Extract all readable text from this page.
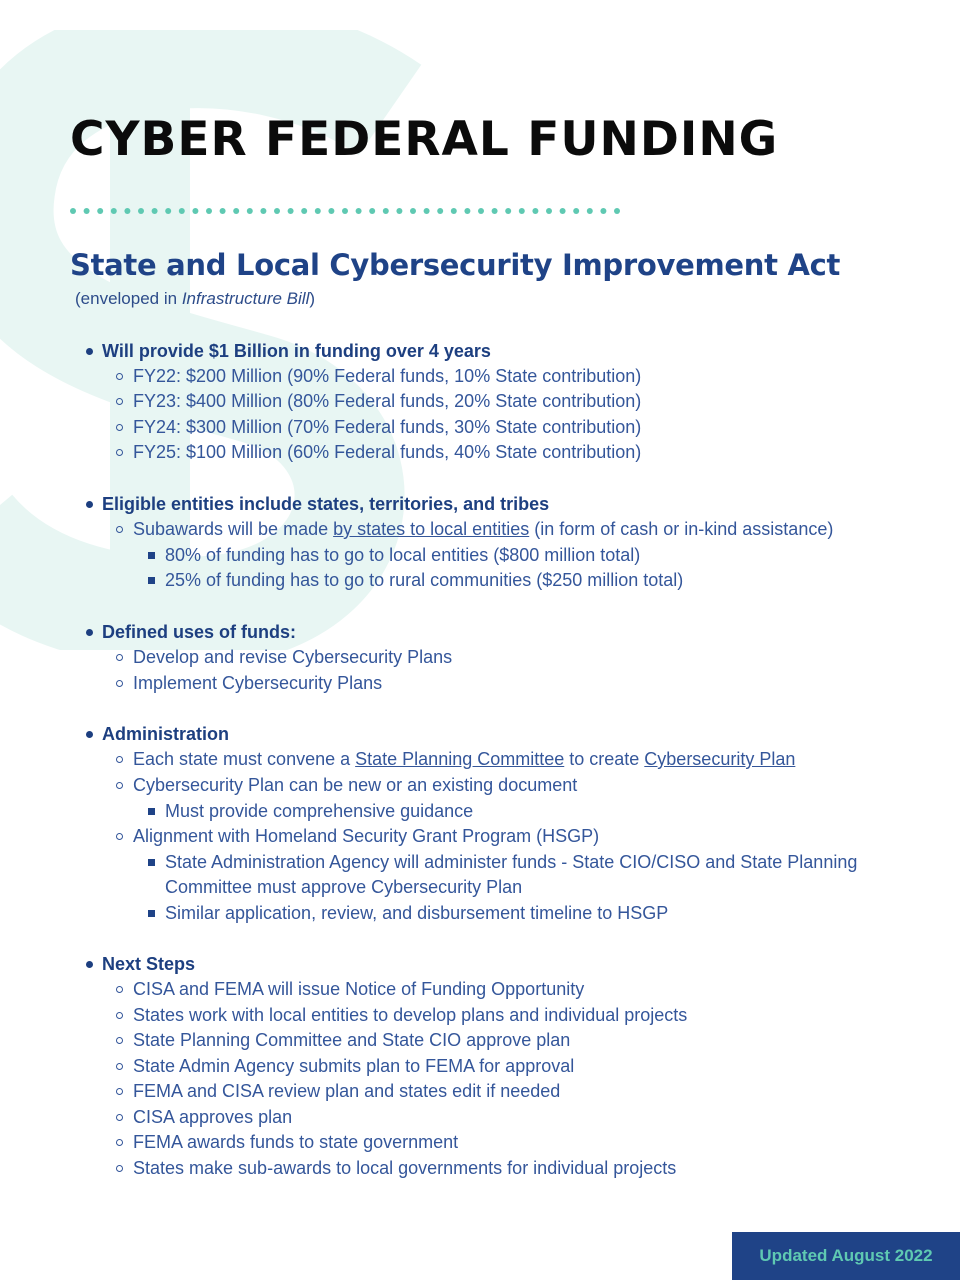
CYBER FEDERAL FUNDING
State and Local Cybersecurity Improvement Act
(enveloped in Infrastructure Bill)
Will provide $1 Billion in funding over 4 years
FY22: $200 Million (90% Federal funds, 10% State contribution)
FY23: $400 Million (80% Federal funds, 20% State contribution)
FY24: $300 Million (70% Federal funds, 30% State contribution)
FY25: $100 Million (60% Federal funds, 40% State contribution)
Eligible entities include states, territories, and tribes
Subawards will be made by states to local entities (in form of cash or in-kind assistance)
80% of funding has to go to local entities ($800 million total)
25% of funding has to go to rural communities ($250 million total)
Defined uses of funds:
Develop and revise Cybersecurity Plans
Implement Cybersecurity Plans
Administration
Each state must convene a State Planning Committee to create Cybersecurity Plan
Cybersecurity Plan can be new or an existing document
Must provide comprehensive guidance
Alignment with Homeland Security Grant Program (HSGP)
State Administration Agency will administer funds - State CIO/CISO and State Planning
Committee must approve Cybersecurity Plan
Similar application, review, and disbursement timeline to HSGP
Next Steps
CISA and FEMA will issue Notice of Funding Opportunity
States work with local entities to develop plans and individual projects
State Planning Committee and State CIO approve plan
State Admin Agency submits plan to FEMA for approval
FEMA and CISA review plan and states edit if needed
CISA approves plan
FEMA awards funds to state government
States make sub-awards to local governments for individual projects
Updated August 2022
